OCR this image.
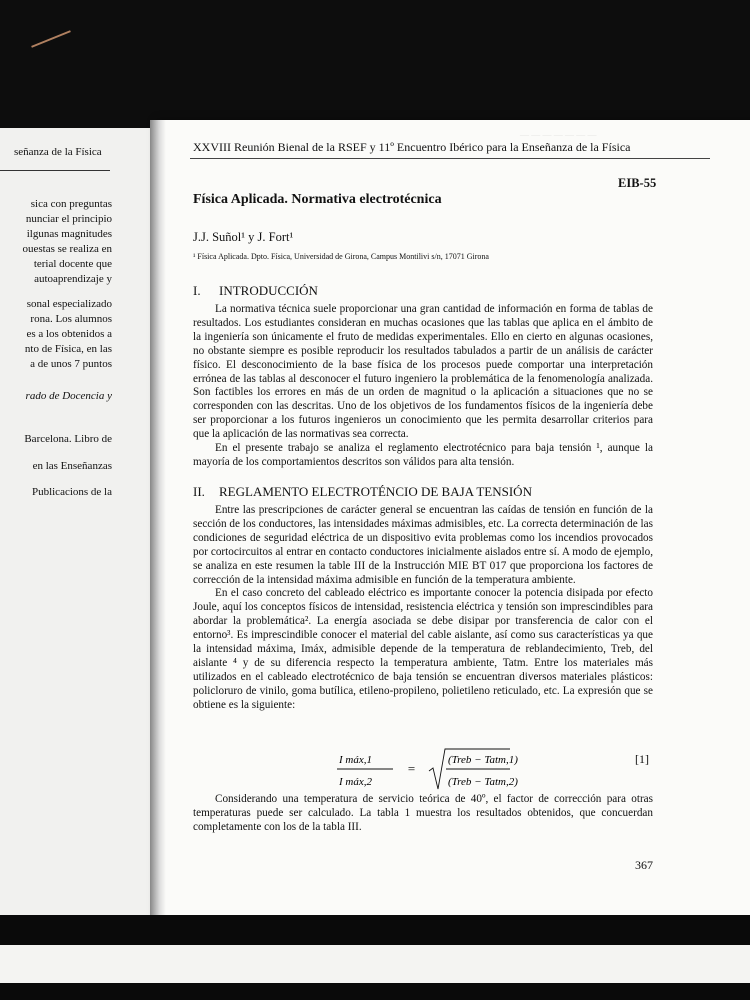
señanza de la Física
sica con preguntas
nunciar el principio
ilgunas magnitudes
ouestas se realiza en
terial docente que
autoaprendizaje y
sonal especializado
rona. Los alumnos
es a los obtenidos a
nto de Física, en las
a de unos 7 puntos
rado de Docencia y
Barcelona. Libro de
en las Enseñanzas
Publicacions de la
— — — — — — —
XXVIII Reunión Bienal de la RSEF y 11º Encuentro Ibérico para la Enseñanza de la Física
EIB-55
Física Aplicada. Normativa electrotécnica
J.J. Suñol¹ y J. Fort¹
¹ Física Aplicada. Dpto. Física, Universidad de Girona, Campus Montilivi s/n, 17071 Girona
I. INTRODUCCIÓN

La normativa técnica suele proporcionar una gran cantidad de información en forma de tablas de resultados. Los estudiantes consideran en muchas ocasiones que las tablas que aplica en el ámbito de la ingeniería son únicamente el fruto de medidas experimentales. Ello en cierto en algunas ocasiones, no obstante siempre es posible reproducir los resultados tabulados a partir de un análisis de carácter físico. El desconocimiento de la base física de los procesos puede comportar una interpretación errónea de las tablas al desconocer el futuro ingeniero la problemática de la fenomenología analizada. Son factibles los errores en más de un orden de magnitud o la aplicación a situaciones que no se corresponden con las descritas. Uno de los objetivos de los fundamentos físicos de la ingeniería debe ser proporcionar a los futuros ingenieros un conocimiento que les permita desarrollar criterios para que la aplicación de las normativas sea correcta.

En el presente trabajo se analiza el reglamento electrotécnico para baja tensión ¹, aunque la mayoría de los comportamientos descritos son válidos para alta tensión.

II. REGLAMENTO ELECTROTÉNCIO DE BAJA TENSIÓN

Entre las prescripciones de carácter general se encuentran las caídas de tensión en función de la sección de los conductores, las intensidades máximas admisibles, etc. La correcta determinación de las condiciones de seguridad eléctrica de un dispositivo evita problemas como los incendios provocados por cortocircuitos al entrar en contacto conductores inicialmente aislados entre sí. A modo de ejemplo, se analiza en este resumen la table III de la Instrucción MIE BT 017 que proporciona los factores de corrección de la intensidad máxima admisible en función de la temperatura ambiente.

En el caso concreto del cableado eléctrico es importante conocer la potencia disipada por efecto Joule, aquí los conceptos físicos de intensidad, resistencia eléctrica y tensión son imprescindibles para abordar la problemática². La energía asociada se debe disipar por transferencia de calor con el entorno³. Es imprescindible conocer el material del cable aislante, así como sus características ya que la intensidad máxima, Imáx, admisible depende de la temperatura de reblandecimiento, Treb, del aislante ⁴ y de su diferencia respecto la temperatura ambiente, Tatm. Entre los materiales más utilizados en el cableado electrotécnico de baja tensión se encuentran diversos materiales plásticos: policloruro de vinilo, goma butílica, etileno-propileno, polietileno reticulado, etc. La expresión que se obtiene es la siguiente:

I máx,1
I máx,2
=
(Treb − Tatm,1)
(Treb − Tatm,2)
[1]

Considerando una temperatura de servicio teórica de 40º, el factor de corrección para otras temperaturas puede ser calculado. La tabla 1 muestra los resultados obtenidos, que concuerdan completamente con los de la tabla III.

367
